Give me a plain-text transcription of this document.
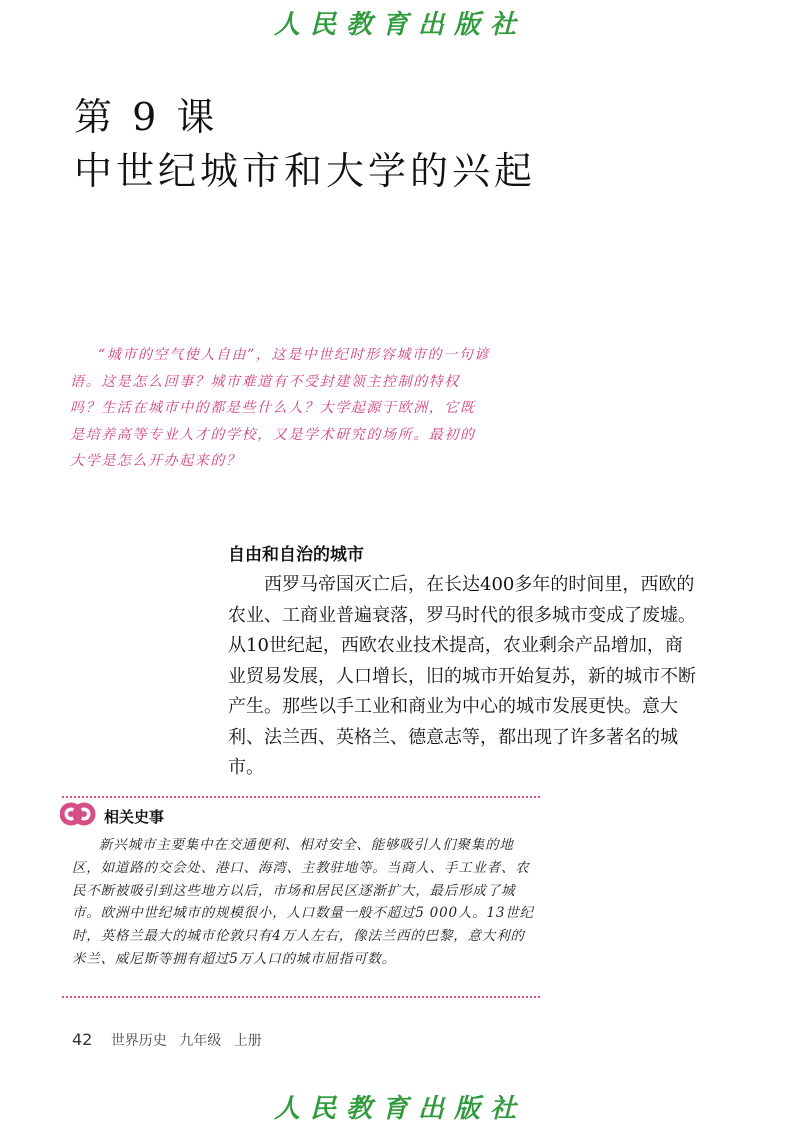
人民教育出版社
第 9 课
中世纪城市和大学的兴起

“城市的空气使人自由”，这是中世纪时形容城市的一句谚语。这是怎么回事？城市难道有不受封建领主控制的特权吗？生活在城市中的都是些什么人？大学起源于欧洲，它既是培养高等专业人才的学校，又是学术研究的场所。最初的大学是怎么开办起来的？

自由和自治的城市

西罗马帝国灭亡后，在长达400多年的时间里，西欧的农业、工商业普遍衰落，罗马时代的很多城市变成了废墟。从10世纪起，西欧农业技术提高，农业剩余产品增加，商业贸易发展，人口增长，旧的城市开始复苏，新的城市不断产生。那些以手工业和商业为中心的城市发展更快。意大利、法兰西、英格兰、德意志等，都出现了许多著名的城市。

相关史事

新兴城市主要集中在交通便利、相对安全、能够吸引人们聚集的地区，如道路的交会处、港口、海湾、主教驻地等。当商人、手工业者、农民不断被吸引到这些地方以后，市场和居民区逐渐扩大，最后形成了城市。欧洲中世纪城市的规模很小，人口数量一般不超过5 000人。13世纪时，英格兰最大的城市伦敦只有4万人左右，像法兰西的巴黎，意大利的米兰、威尼斯等拥有超过5万人口的城市屈指可数。

42 世界历史 九年级 上册
人民教育出版社
